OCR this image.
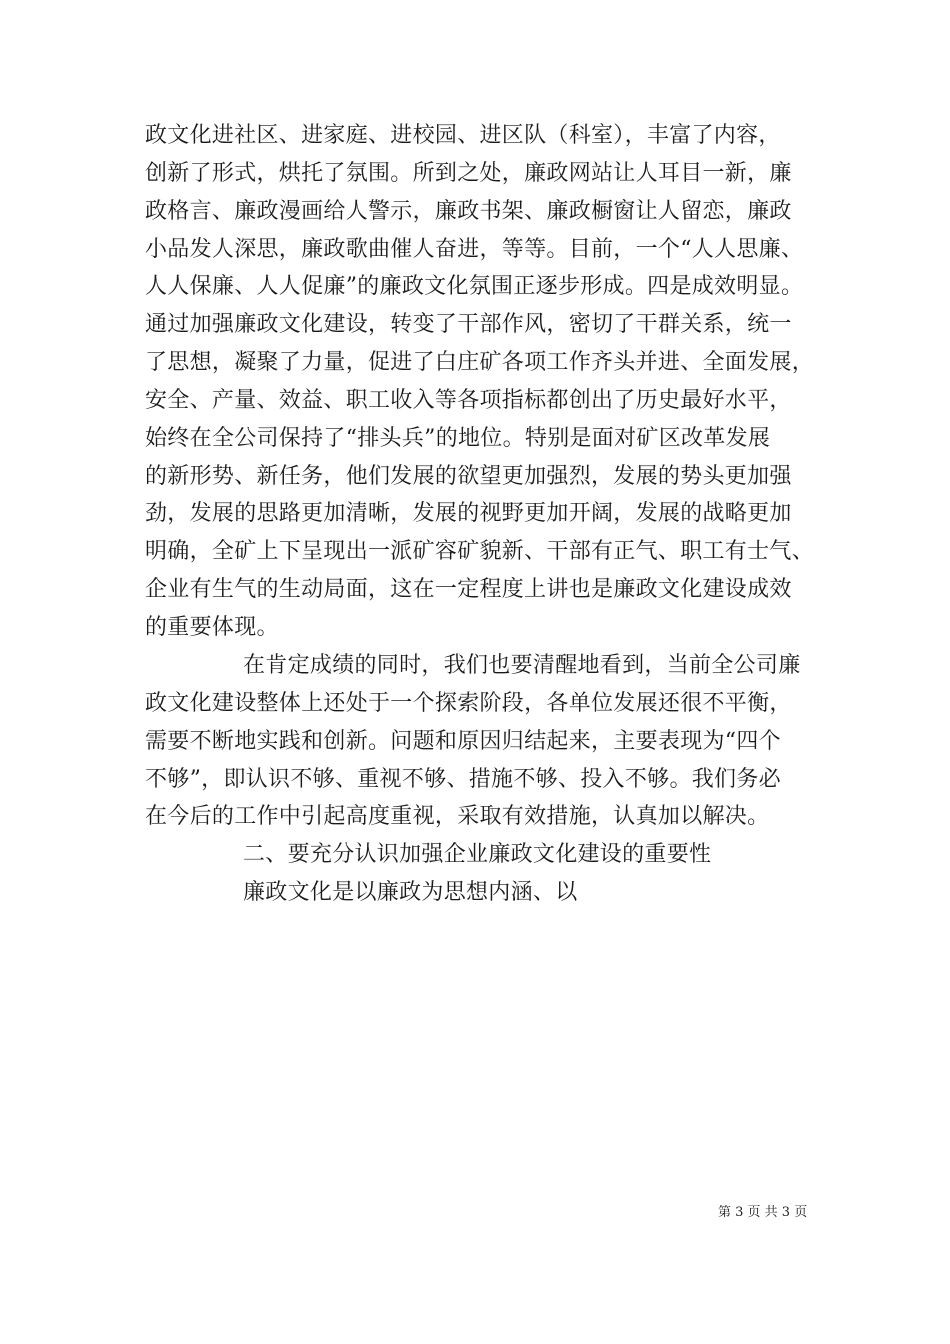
政文化进社区、进家庭、进校园、进区队（科室），丰富了内容，
创新了形式，烘托了氛围。所到之处，廉政网站让人耳目一新，廉
政格言、廉政漫画给人警示，廉政书架、廉政橱窗让人留恋，廉政
小品发人深思，廉政歌曲催人奋进，等等。目前，一个“人人思廉、
人人保廉、人人促廉”的廉政文化氛围正逐步形成。四是成效明显。
通过加强廉政文化建设，转变了干部作风，密切了干群关系，统一
了思想，凝聚了力量，促进了白庄矿各项工作齐头并进、全面发展，
安全、产量、效益、职工收入等各项指标都创出了历史最好水平，
始终在全公司保持了“排头兵”的地位。特别是面对矿区改革发展
的新形势、新任务，他们发展的欲望更加强烈，发展的势头更加强
劲，发展的思路更加清晰，发展的视野更加开阔，发展的战略更加
明确，全矿上下呈现出一派矿容矿貌新、干部有正气、职工有士气、
企业有生气的生动局面，这在一定程度上讲也是廉政文化建设成效
的重要体现。
在肯定成绩的同时，我们也要清醒地看到，当前全公司廉
政文化建设整体上还处于一个探索阶段，各单位发展还很不平衡，
需要不断地实践和创新。问题和原因归结起来，主要表现为“四个
不够”，即认识不够、重视不够、措施不够、投入不够。我们务必
在今后的工作中引起高度重视，采取有效措施，认真加以解决。
二、要充分认识加强企业廉政文化建设的重要性
廉政文化是以廉政为思想内涵、以
第 3 页 共 3 页
